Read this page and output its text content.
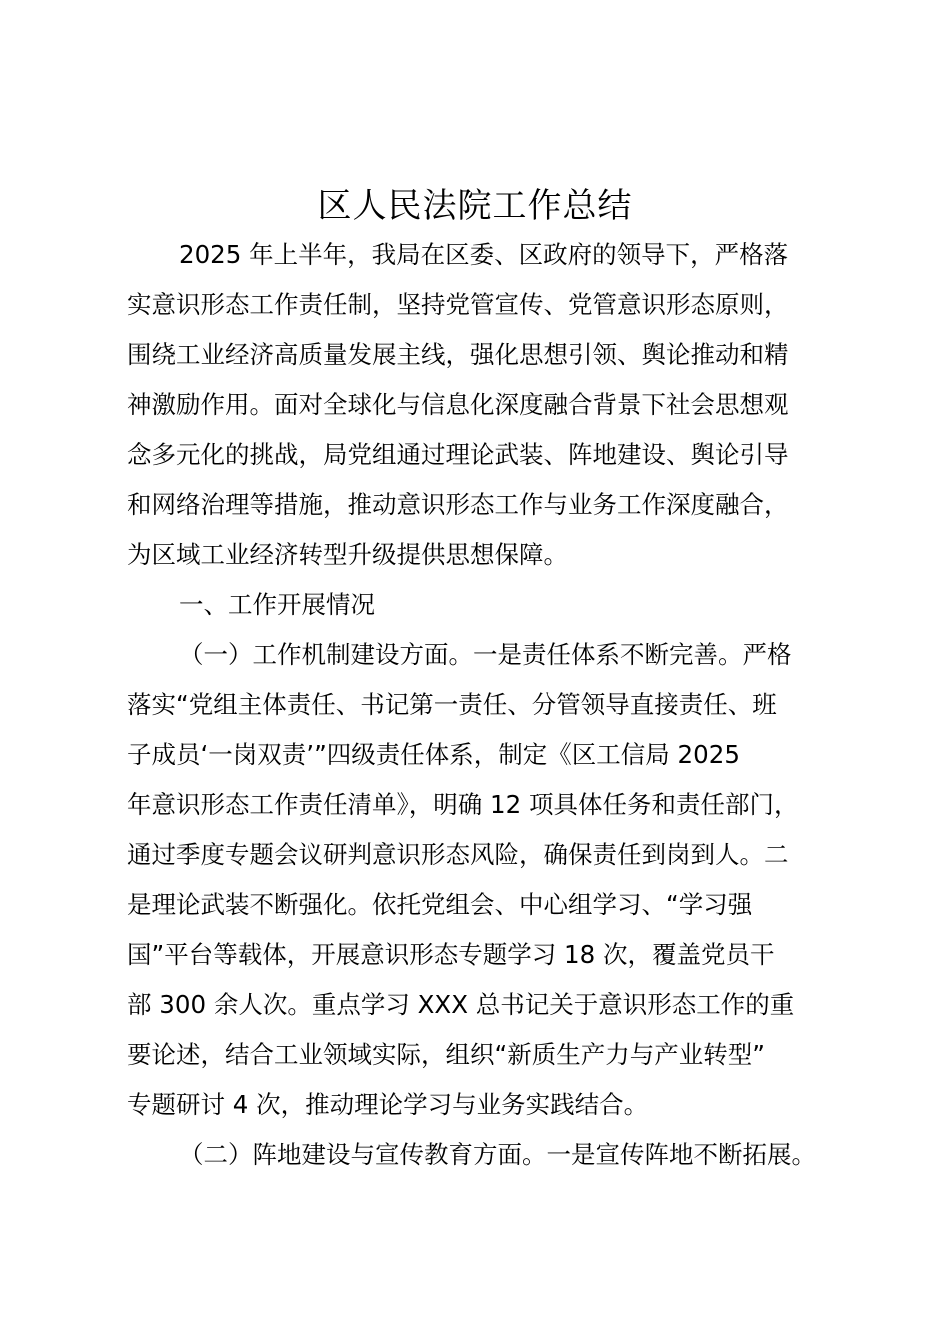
区人民法院工作总结

2025 年上半年，我局在区委、区政府的领导下，严格落

实意识形态工作责任制，坚持党管宣传、党管意识形态原则，

围绕工业经济高质量发展主线，强化思想引领、舆论推动和精

神激励作用。面对全球化与信息化深度融合背景下社会思想观

念多元化的挑战，局党组通过理论武装、阵地建设、舆论引导

和网络治理等措施，推动意识形态工作与业务工作深度融合，

为区域工业经济转型升级提供思想保障。

一、工作开展情况

（一）工作机制建设方面。一是责任体系不断完善。严格

落实“党组主体责任、书记第一责任、分管领导直接责任、班

子成员‘一岗双责’”四级责任体系，制定《区工信局 2025

年意识形态工作责任清单》，明确 12 项具体任务和责任部门，

通过季度专题会议研判意识形态风险，确保责任到岗到人。二

是理论武装不断强化。依托党组会、中心组学习、“学习强

国”平台等载体，开展意识形态专题学习 18 次，覆盖党员干

部 300 余人次。重点学习 XXX 总书记关于意识形态工作的重

要论述，结合工业领域实际，组织“新质生产力与产业转型”

专题研讨 4 次，推动理论学习与业务实践结合。

（二）阵地建设与宣传教育方面。一是宣传阵地不断拓展。
